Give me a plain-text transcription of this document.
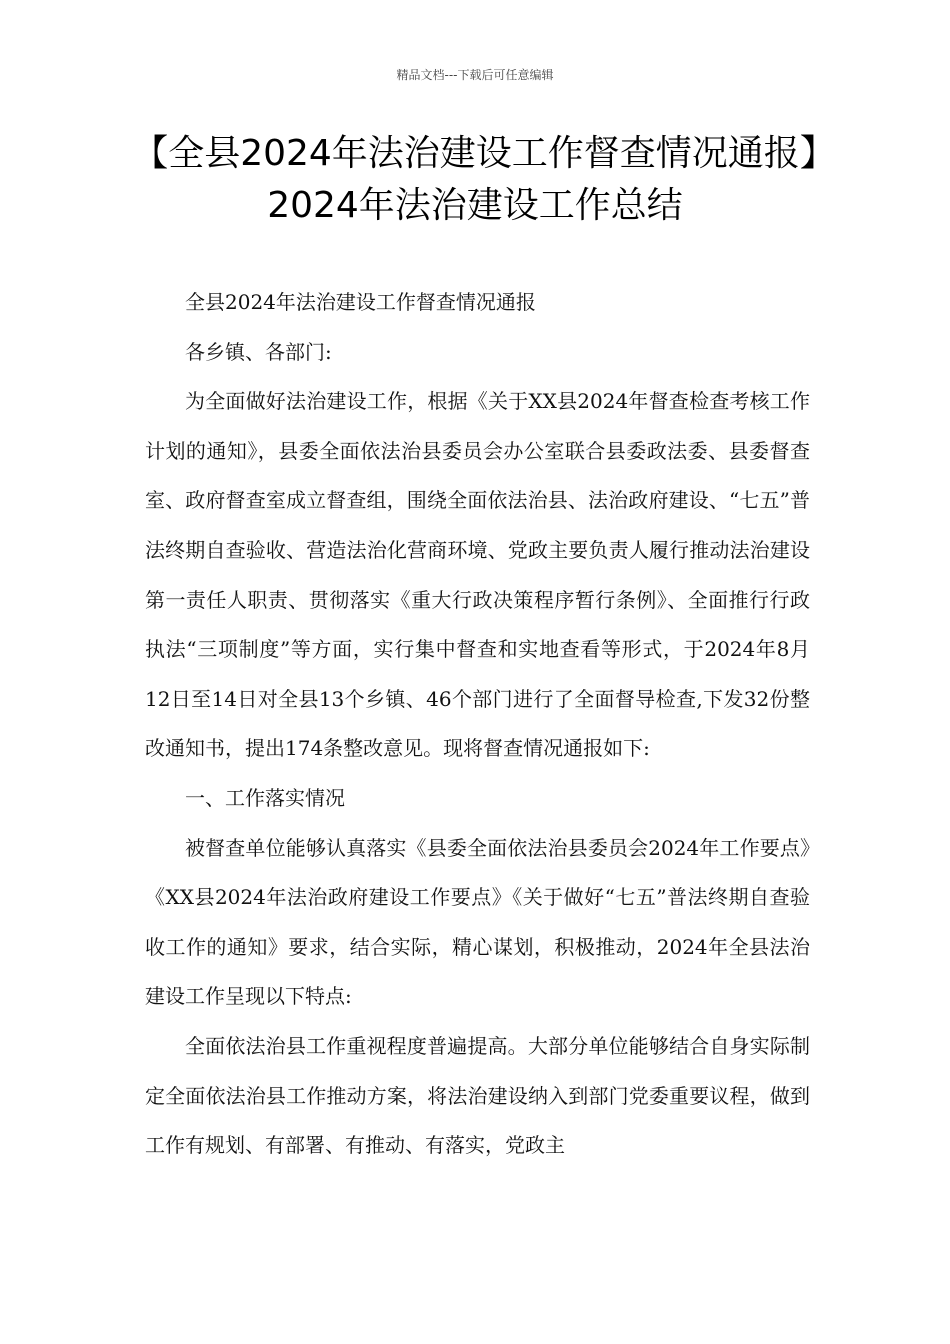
精品文档---下载后可任意编辑
【全县2024年法治建设工作督查情况通报】2024年法治建设工作总结

全县2024年法治建设工作督查情况通报

各乡镇、各部门:

为全面做好法治建设工作，根据《关于XX县2024年督查检查考核工作计划的通知》，县委全面依法治县委员会办公室联合县委政法委、县委督查室、政府督查室成立督查组，围绕全面依法治县、法治政府建设、“七五”普法终期自查验收、营造法治化营商环境、党政主要负责人履行推动法治建设第一责任人职责、贯彻落实《重大行政决策程序暂行条例》、全面推行行政执法“三项制度”等方面，实行集中督查和实地查看等形式，于2024年8月12日至14日对全县13个乡镇、46个部门进行了全面督导检查,下发32份整改通知书，提出174条整改意见。现将督查情况通报如下:

一、工作落实情况

被督查单位能够认真落实《县委全面依法治县委员会2024年工作要点》《XX县2024年法治政府建设工作要点》《关于做好“七五”普法终期自查验收工作的通知》要求，结合实际，精心谋划，积极推动，2024年全县法治建设工作呈现以下特点:

全面依法治县工作重视程度普遍提高。大部分单位能够结合自身实际制定全面依法治县工作推动方案，将法治建设纳入到部门党委重要议程，做到工作有规划、有部署、有推动、有落实，党政主
